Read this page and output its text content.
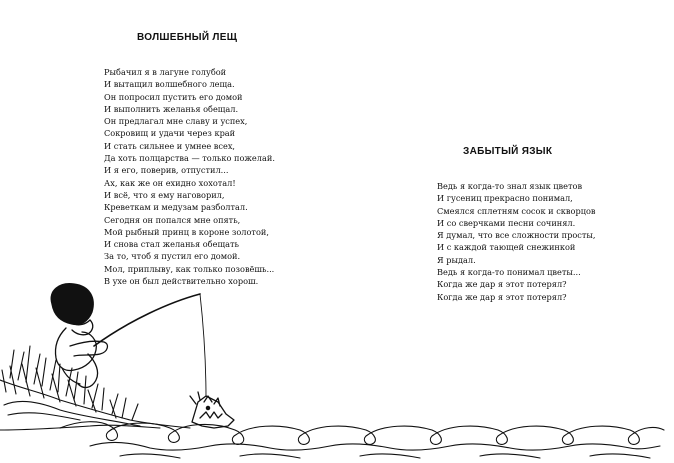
ВОЛШЕБНЫЙ ЛЕЩ
Рыбачил я в лагуне голубой
И вытащил волшебного леща.
Он попросил пустить его домой
И выполнить желанья обещал.
Он предлагал мне славу и успех,
Сокровищ и удачи через край
И стать сильнее и умнее всех,
Да хоть полцарства — только пожелай.
И я его, поверив, отпустил...
Ах, как же он ехидно хохотал!
И всё, что я ему наговорил,
Креветкам и медузам разболтал.
Сегодня он попался мне опять,
Мой рыбный принц в короне золотой,
И снова стал желанья обещать
За то, чтоб я пустил его домой.
Мол, приплыву, как только позовёшь...
В ухе он был действительно хорош.
ЗАБЫТЫЙ ЯЗЫК
Ведь я когда-то знал язык цветов
И гусениц прекрасно понимал,
Смеялся сплетням сосок и скворцов
И со сверчками песни сочинял.
Я думал, что все сложности просты,
И с каждой тающей снежинкой
Я рыдал.
Ведь я когда-то понимал цветы...
Когда же дар я этот потерял?
Когда же дар я этот потерял?
